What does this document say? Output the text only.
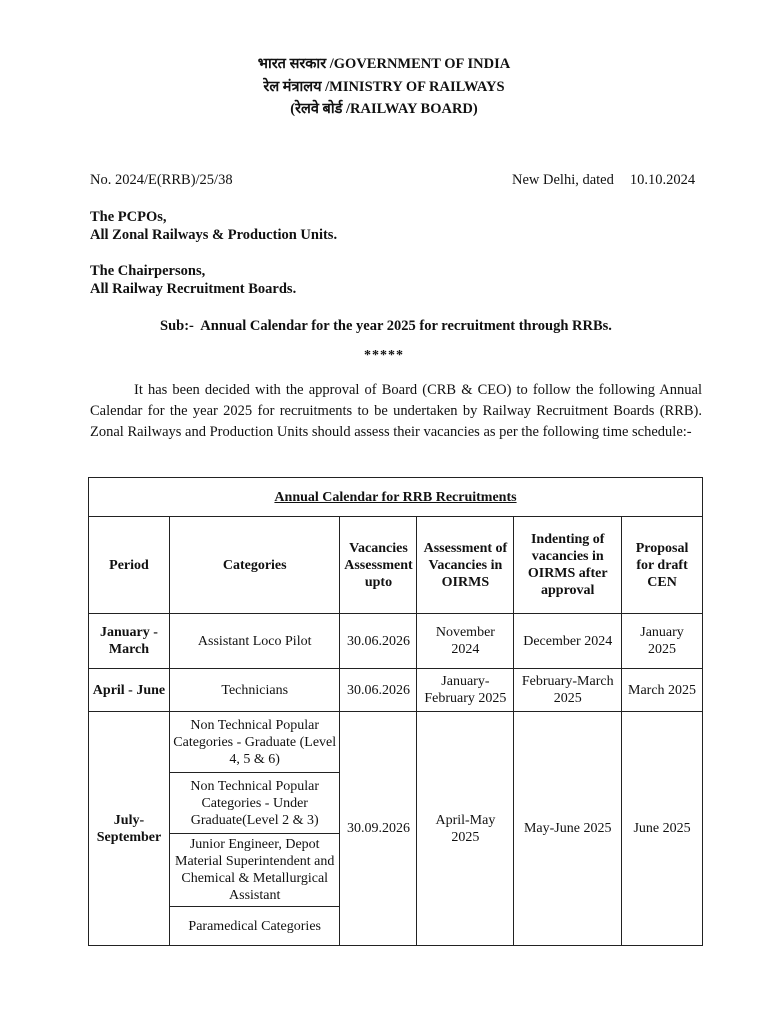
भारत सरकार /GOVERNMENT OF INDIA
रेल मंत्रालय /MINISTRY OF RAILWAYS
(रेलवे बोर्ड /RAILWAY BOARD)
No. 2024/E(RRB)/25/38	New Delhi, dated 10.10.2024
The PCPOs,
All Zonal Railways & Production Units.
The Chairpersons,
All Railway Recruitment Boards.
Sub:-  Annual Calendar for the year 2025 for recruitment through RRBs.
*****
It has been decided with the approval of Board (CRB & CEO) to follow the following Annual Calendar for the year 2025 for recruitments to be undertaken by Railway Recruitment Boards (RRB). Zonal Railways and Production Units should assess their vacancies as per the following time schedule:-
Annual Calendar for RRB Recruitments					
Period	Categories	Vacancies Assessment upto	Assessment of Vacancies in OIRMS	Indenting of vacancies in OIRMS after approval	Proposal for draft CEN
January - March	Assistant Loco Pilot	30.06.2026	November 2024	December 2024	January 2025
April - June	Technicians	30.06.2026	January-February 2025	February-March 2025	March 2025
July-September	Non Technical Popular Categories - Graduate (Level 4, 5 & 6)	30.09.2026	April-May 2025	May-June 2025	June 2025
	Non Technical Popular Categories - Under Graduate(Level 2 & 3)				
	Junior Engineer, Depot Material Superintendent and Chemical & Metallurgical Assistant				
	Paramedical Categories				
